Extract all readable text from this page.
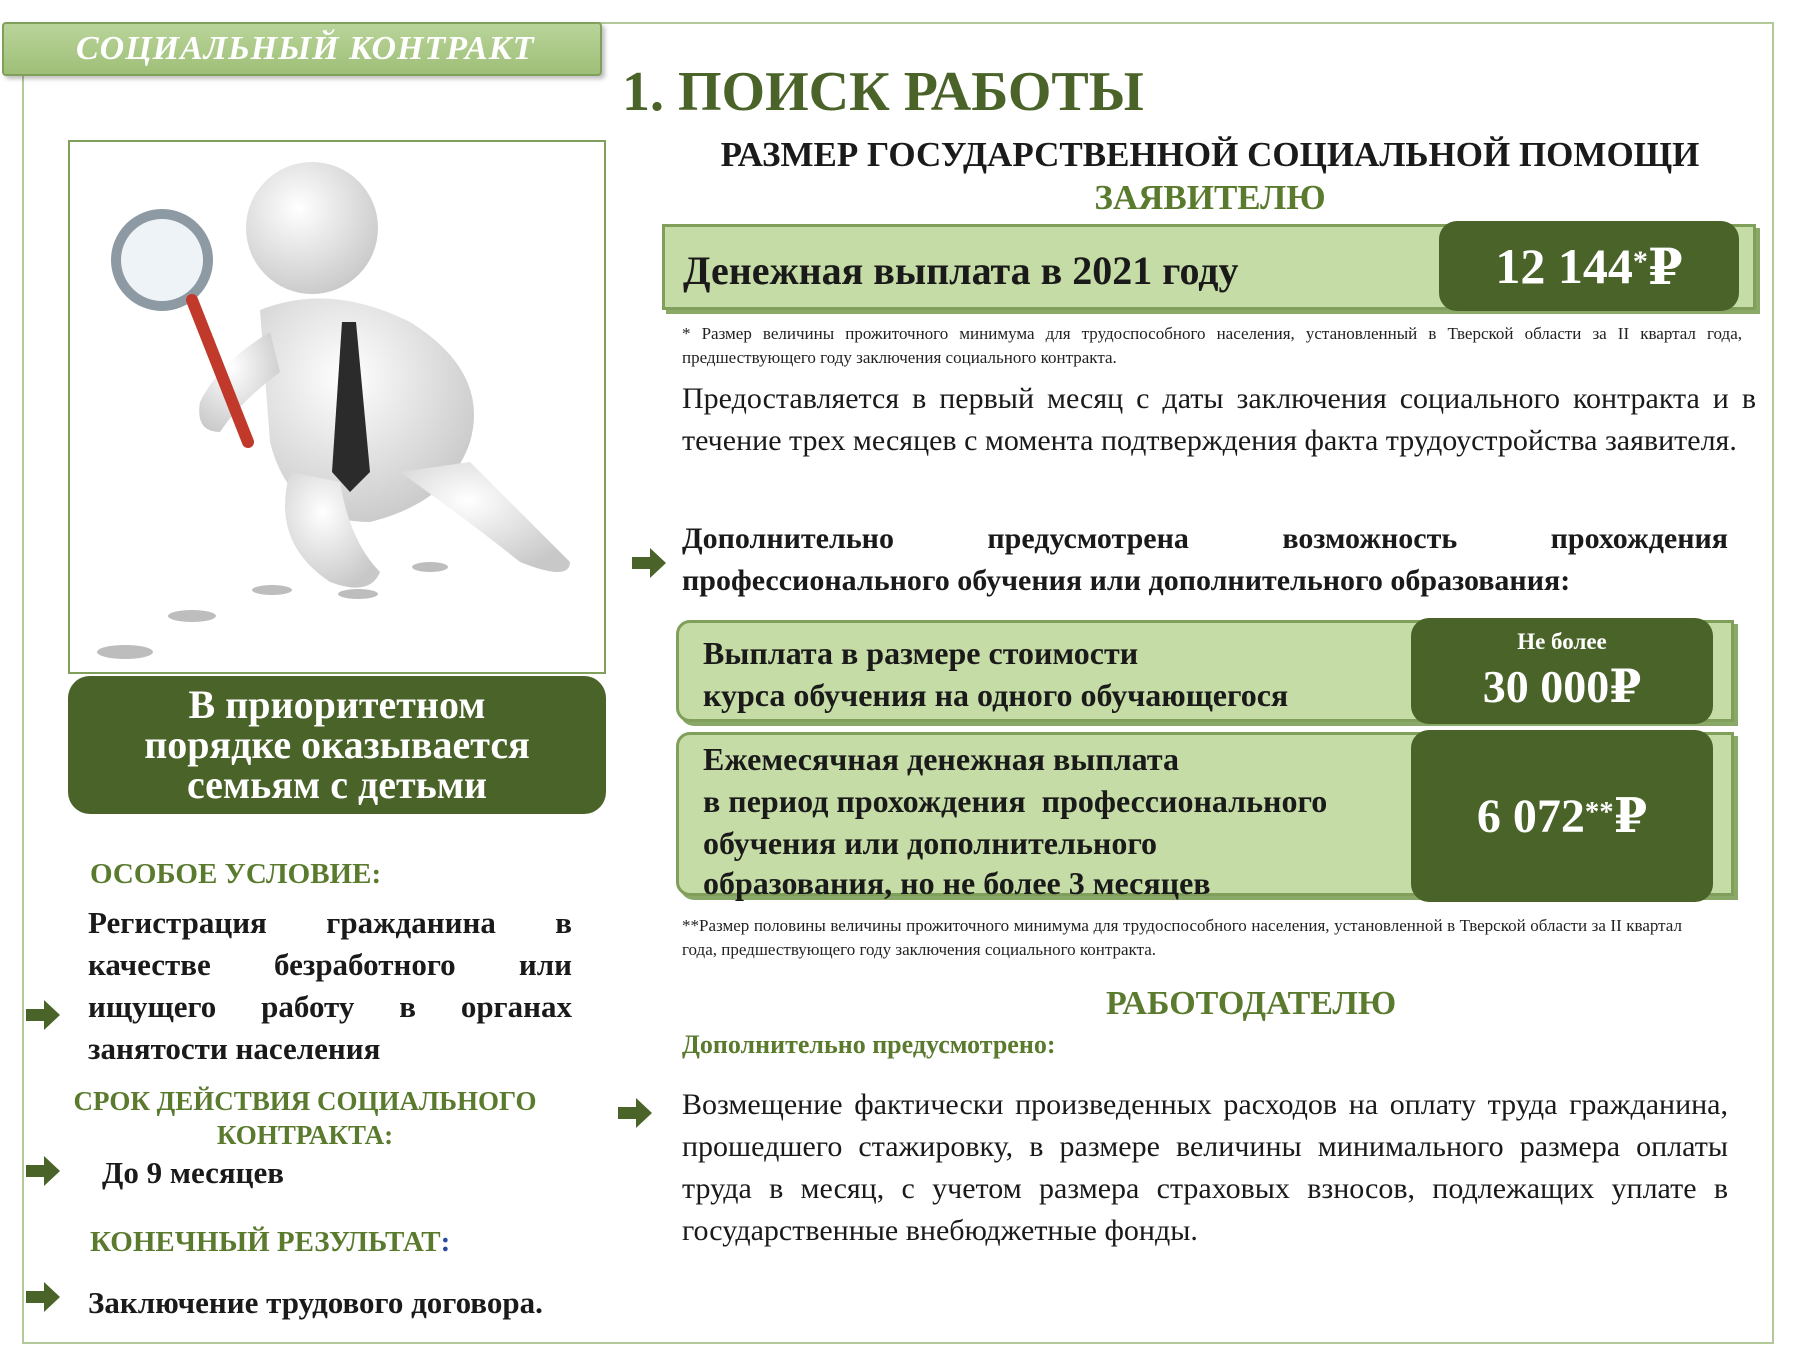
СОЦИАЛЬНЫЙ КОНТРАКТ
1. ПОИСК РАБОТЫ
РАЗМЕР ГОСУДАРСТВЕННОЙ СОЦИАЛЬНОЙ ПОМОЩИ
ЗАЯВИТЕЛЮ
Денежная выплата в 2021 году	12 144* ₽
* Размер величины прожиточного минимума для трудоспособного населения, установленный в Тверской области за II квартал года, предшествующего году заключения социального контракта.
Предоставляется в первый месяц с даты заключения социального контракта и в течение трех месяцев с момента подтверждения факта трудоустройства заявителя.
Дополнительно предусмотрена возможность прохождения профессионального обучения или дополнительного образования:
Выплата в размере стоимости
курса обучения на одного обучающегося
Не более
30 000₽
Ежемесячная денежная выплата
в период прохождения  профессионального
обучения или дополнительного
образования, но не более 3 месяцев
6 072** ₽
**Размер половины величины прожиточного минимума для трудоспособного населения, установленной в Тверской области за II квартал года, предшествующего году заключения социального контракта.
РАБОТОДАТЕЛЮ
Дополнительно предусмотрено:
Возмещение фактически произведенных расходов на оплату труда гражданина, прошедшего стажировку, в размере величины минимального размера оплаты труда в месяц, с учетом размера страховых взносов, подлежащих уплате в государственные внебюджетные фонды.
В приоритетном
порядке оказывается
семьям с детьми
ОСОБОЕ УСЛОВИЕ:
Регистрация гражданина в качестве безработного или ищущего работу в органах занятости населения
СРОК ДЕЙСТВИЯ СОЦИАЛЬНОГО
КОНТРАКТА:
До 9 месяцев
КОНЕЧНЫЙ РЕЗУЛЬТАТ:
Заключение трудового договора.
